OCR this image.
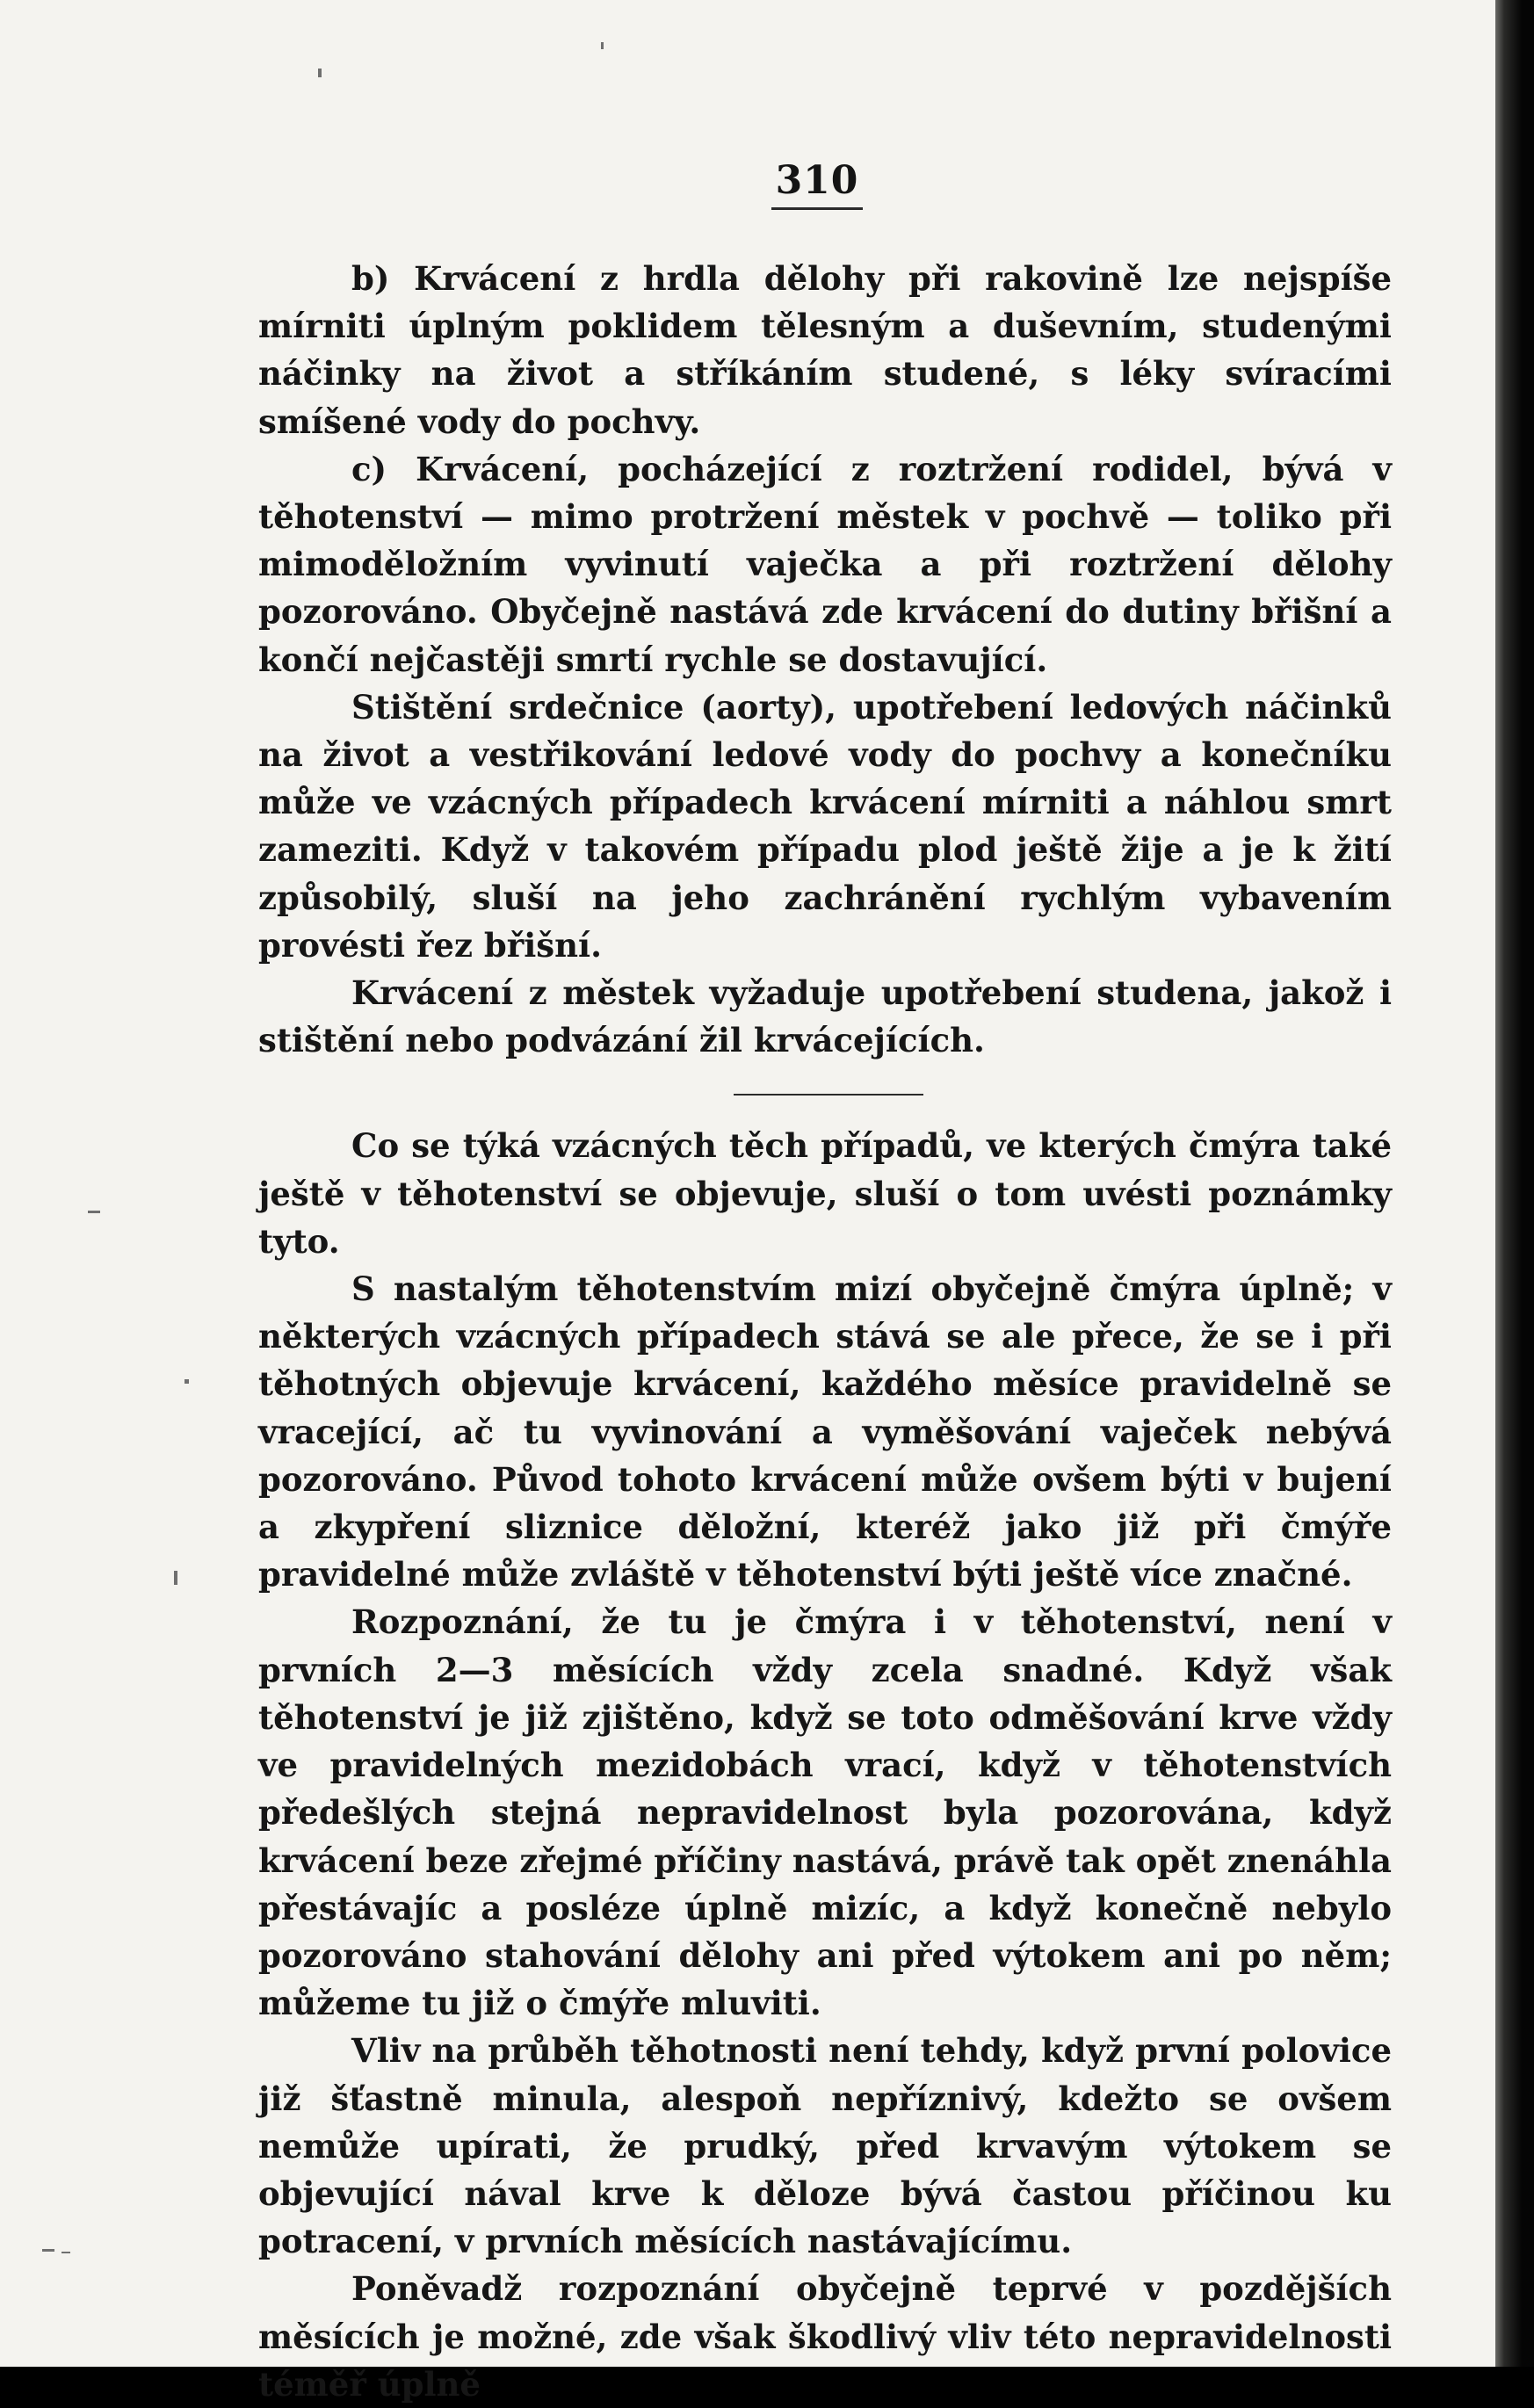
310

b) Krvácení z hrdla dělohy při rakovině lze nejspíše mírniti úplným poklidem tělesným a duševním, studenými náčinky na život a stříkáním studené, s léky svíracími smíšené vody do pochvy.

c) Krvácení, pocházející z roztržení rodidel, bývá v těhotenství — mimo protržení městek v pochvě — toliko při mimoděložním vyvinutí vaječka a při roztržení dělohy pozorováno. Obyčejně nastává zde krvácení do dutiny břišní a končí nejčastěji smrtí rychle se dostavující.

Stištění srdečnice (aorty), upotřebení ledových náčinků na život a vestřikování ledové vody do pochvy a konečníku může ve vzácných případech krvácení mírniti a náhlou smrt zameziti. Když v takovém případu plod ještě žije a je k žití způsobilý, sluší na jeho zachránění rychlým vybavením provésti řez břišní.

Krvácení z městek vyžaduje upotřebení studena, jakož i stištění nebo podvázání žil krvácejících.

Co se týká vzácných těch případů, ve kterých čmýra také ještě v těhotenství se objevuje, sluší o tom uvésti poznámky tyto.

S nastalým těhotenstvím mizí obyčejně čmýra úplně; v některých vzácných případech stává se ale přece, že se i při těhotných objevuje krvácení, každého měsíce pravidelně se vracející, ač tu vyvinování a vyměšování vaječek nebývá pozorováno. Původ tohoto krvácení může ovšem býti v bujení a zkypření sliznice děložní, kteréž jako již při čmýře pravidelné může zvláště v těhotenství býti ještě více značné.

Rozpoznání, že tu je čmýra i v těhotenství, není v prvních 2—3 měsících vždy zcela snadné. Když však těhotenství je již zjištěno, když se toto odměšování krve vždy ve pravidelných mezidobách vrací, když v těhotenstvích předešlých stejná nepravidelnost byla pozorována, když krvácení beze zřejmé příčiny nastává, právě tak opět znenáhla přestávajíc a posléze úplně mizíc, a když konečně nebylo pozorováno stahování dělohy ani před výtokem ani po něm; můžeme tu již o čmýře mluviti.

Vliv na průběh těhotnosti není tehdy, když první polovice již šťastně minula, alespoň nepříznivý, kdežto se ovšem nemůže upírati, že prudký, před krvavým výtokem se objevující nával krve k děloze bývá častou příčinou ku potracení, v prvních měsících nastávajícímu.

Poněvadž rozpoznání obyčejně teprvé v pozdějších měsících je možné, zde však škodlivý vliv této nepravidelnosti téměř úplně
